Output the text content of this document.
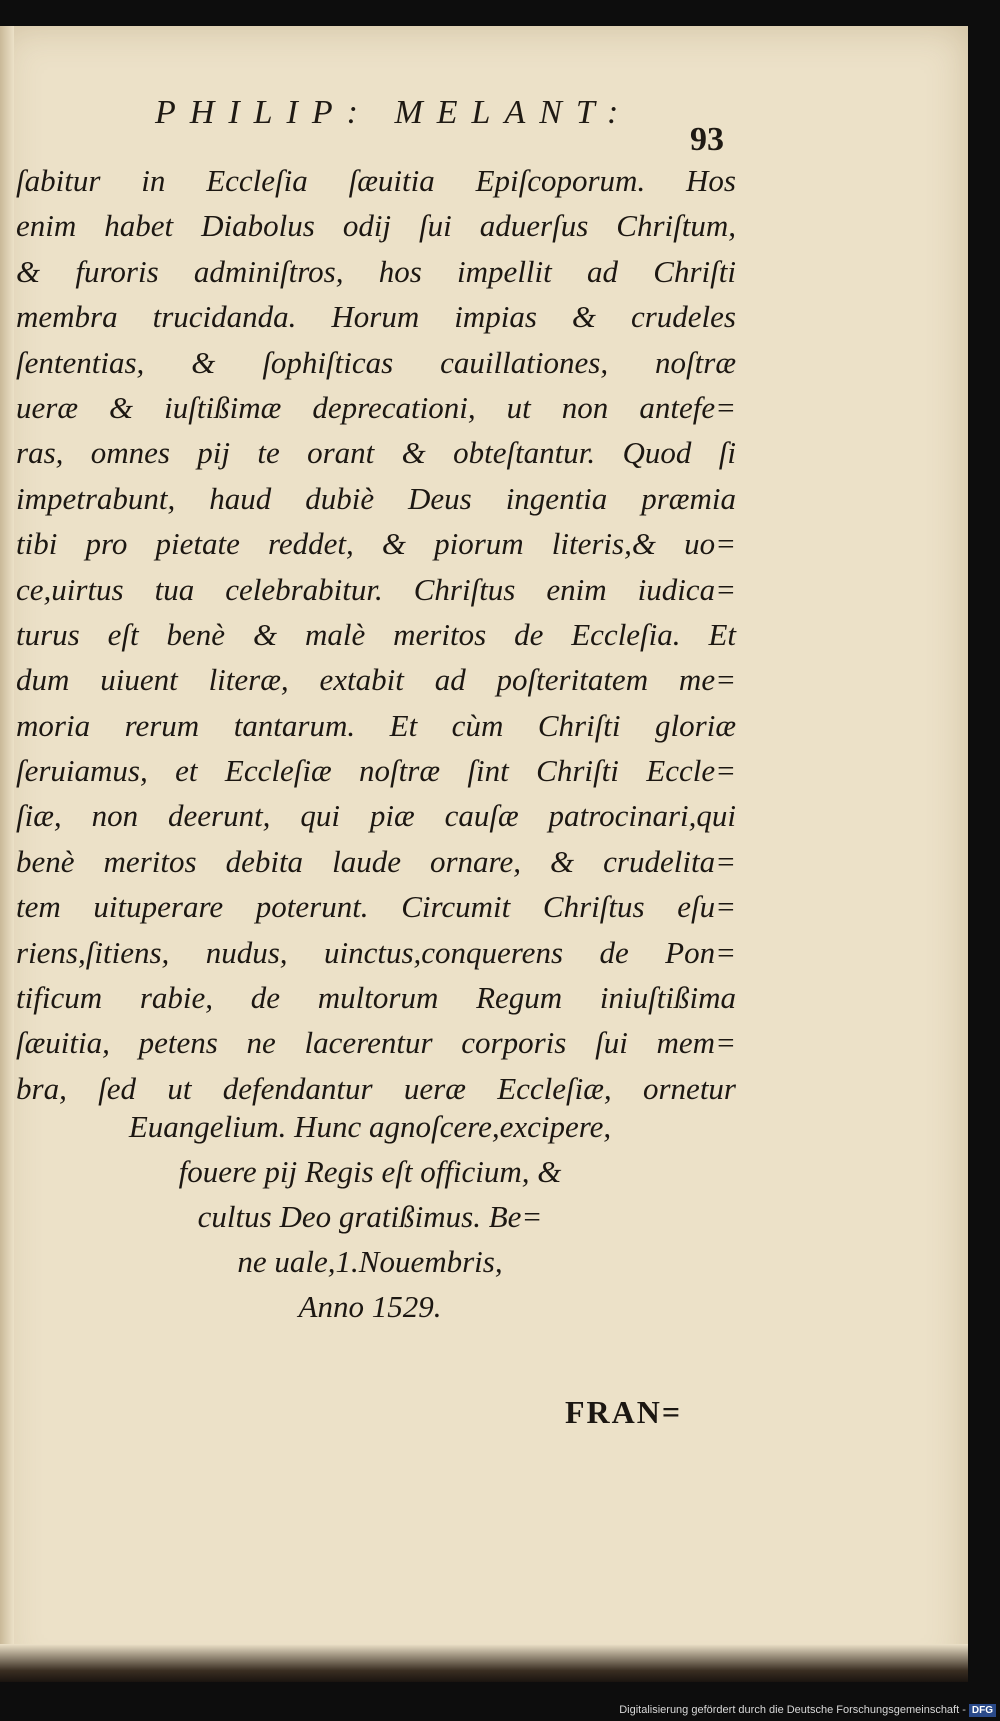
PHILIP: MELANT:
93
ſabitur in Eccleſia ſæuitia Epiſcoporum. Hos
enim habet Diabolus odij ſui aduerſus Chriſtum,
& furoris adminiſtros, hos impellit ad Chriſti
membra trucidanda. Horum impias & crudeles
ſententias, & ſophiſticas cauillationes, noſtræ
ueræ & iuſtißimæ deprecationi, ut non antefe=
ras, omnes pij te orant & obteſtantur. Quod ſi
impetrabunt, haud dubiè Deus ingentia præmia
tibi pro pietate reddet, & piorum literis,& uo=
ce,uirtus tua celebrabitur. Chriſtus enim iudica=
turus eſt benè & malè meritos de Eccleſia. Et
dum uiuent literæ, extabit ad poſteritatem me=
moria rerum tantarum. Et cùm Chriſti gloriæ
ſeruiamus, et Eccleſiæ noſtræ ſint Chriſti Eccle=
ſiæ, non deerunt, qui piæ cauſæ patrocinari,qui
benè meritos debita laude ornare, & crudelita=
tem uituperare poterunt. Circumit Chriſtus eſu=
riens,ſitiens, nudus, uinctus,conquerens de Pon=
tificum rabie, de multorum Regum iniuſtißima
ſæuitia, petens ne lacerentur corporis ſui mem=
bra, ſed ut defendantur ueræ Eccleſiæ, ornetur
Euangelium. Hunc agnoſcere,excipere,
fouere pij Regis eſt officium, &
cultus Deo gratißimus. Be=
ne uale,1.Nouembris,
Anno 1529.
FRAN=
Digitalisierung gefördert durch die Deutsche Forschungsgemeinschaft - DFG
